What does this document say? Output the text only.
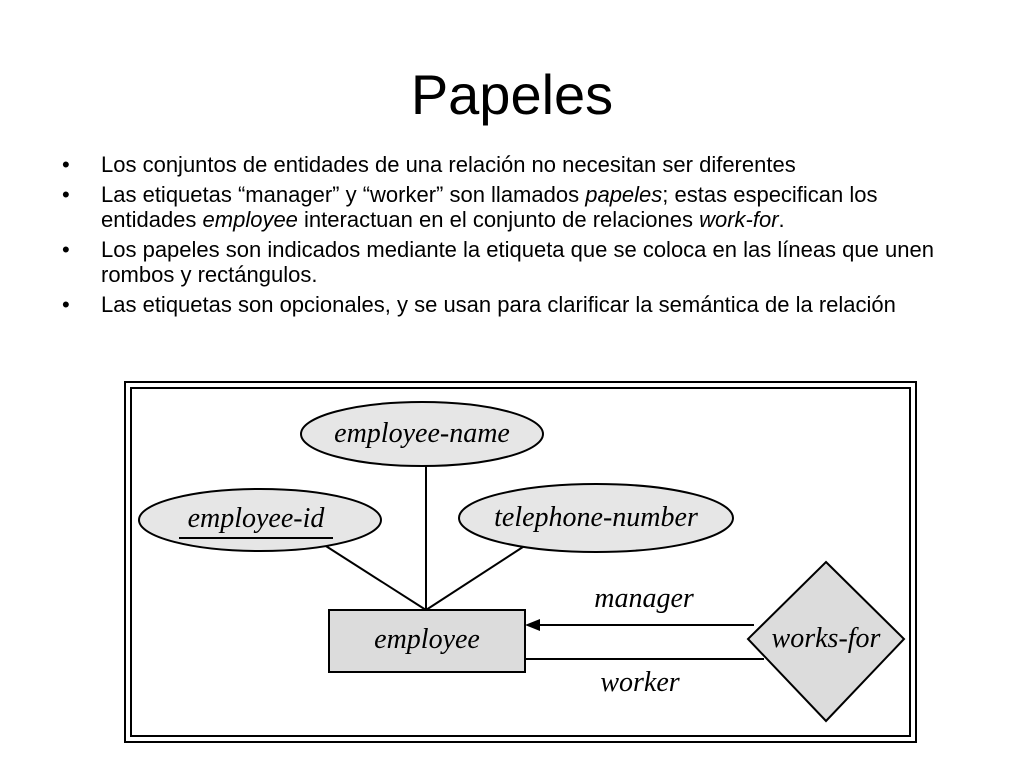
Papeles
• Los conjuntos de entidades de una relación no necesitan ser diferentes
• Las etiquetas “manager” y “worker” son llamados papeles; estas especifican los entidades employee interactuan en el conjunto de relaciones work-for.
• Los papeles son indicados mediante la etiqueta que se coloca en las líneas que unen rombos y rectángulos.
• Las etiquetas son opcionales, y se usan para clarificar la semántica de la relación
employee-name
employee-id	telephone-number
employee	works-for
manager
worker
